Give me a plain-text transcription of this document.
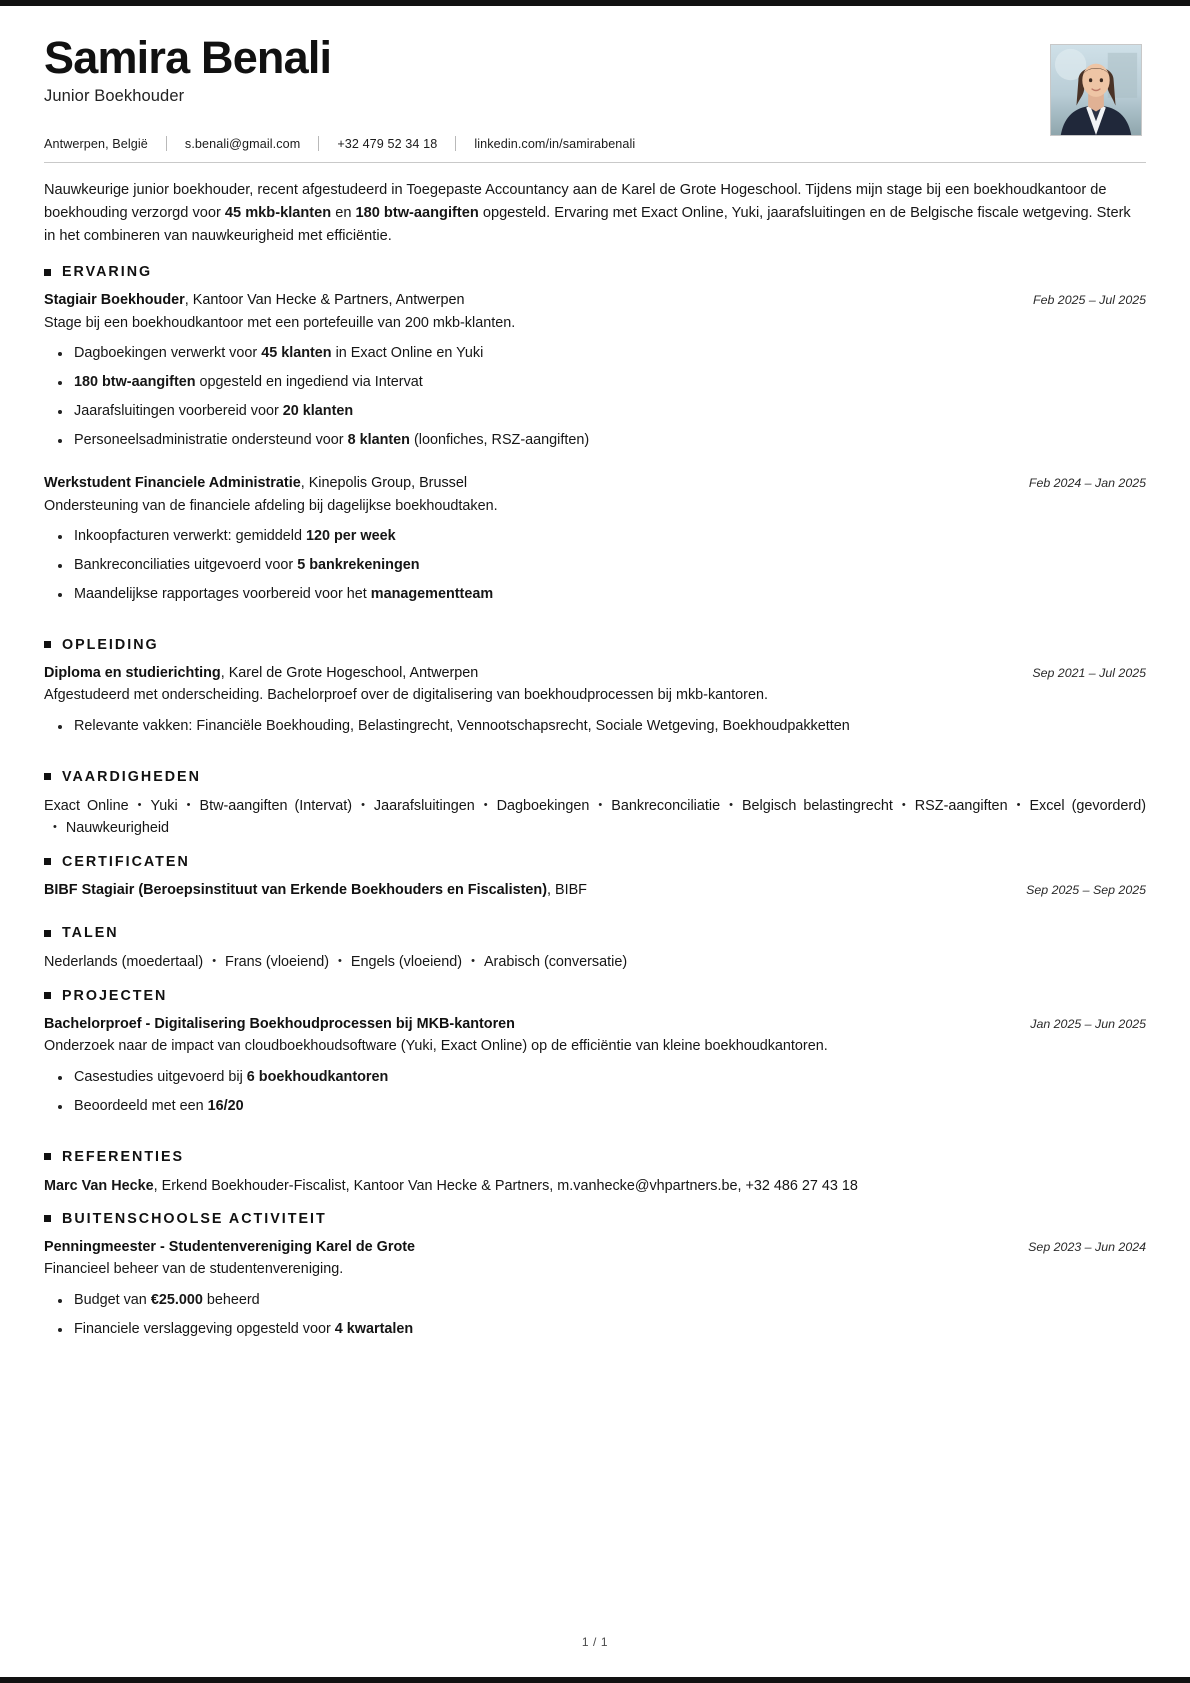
Samira Benali
Junior Boekhouder
Antwerpen, België	s.benali@gmail.com	+32 479 52 34 18	linkedin.com/in/samirabenali
Nauwkeurige junior boekhouder, recent afgestudeerd in Toegepaste Accountancy aan de Karel de Grote Hogeschool. Tijdens mijn stage bij een boekhoudkantoor de boekhouding verzorgd voor 45 mkb-klanten en 180 btw-aangiften opgesteld. Ervaring met Exact Online, Yuki, jaarafsluitingen en de Belgische fiscale wetgeving. Sterk in het combineren van nauwkeurigheid met efficiëntie.
ERVARING
Stagiair Boekhouder, Kantoor Van Hecke & Partners, Antwerpen	Feb 2025 – Jul 2025
Stage bij een boekhoudkantoor met een portefeuille van 200 mkb-klanten.
Dagboekingen verwerkt voor 45 klanten in Exact Online en Yuki
180 btw-aangiften opgesteld en ingediend via Intervat
Jaarafsluitingen voorbereid voor 20 klanten
Personeelsadministratie ondersteund voor 8 klanten (loonfiches, RSZ-aangiften)
Werkstudent Financiele Administratie, Kinepolis Group, Brussel	Feb 2024 – Jan 2025
Ondersteuning van de financiele afdeling bij dagelijkse boekhoudtaken.
Inkoopfacturen verwerkt: gemiddeld 120 per week
Bankreconciliaties uitgevoerd voor 5 bankrekeningen
Maandelijkse rapportages voorbereid voor het managementteam
OPLEIDING
Diploma en studierichting, Karel de Grote Hogeschool, Antwerpen	Sep 2021 – Jul 2025
Afgestudeerd met onderscheiding. Bachelorproef over de digitalisering van boekhoudprocessen bij mkb-kantoren.
Relevante vakken: Financiële Boekhouding, Belastingrecht, Vennootschapsrecht, Sociale Wetgeving, Boekhoudpakketten
VAARDIGHEDEN
Exact Online • Yuki • Btw-aangiften (Intervat) • Jaarafsluitingen • Dagboekingen • Bankreconciliatie • Belgisch belastingrecht • RSZ-aangiften • Excel (gevorderd)• Nauwkeurigheid
CERTIFICATEN
BIBF Stagiair (Beroepsinstituut van Erkende Boekhouders en Fiscalisten), BIBF	Sep 2025 – Sep 2025
TALEN
Nederlands (moedertaal) • Frans (vloeiend) • Engels (vloeiend) • Arabisch (conversatie)
PROJECTEN
Bachelorproef - Digitalisering Boekhoudprocessen bij MKB-kantoren	Jan 2025 – Jun 2025
Onderzoek naar de impact van cloudboekhoudsoftware (Yuki, Exact Online) op de efficiëntie van kleine boekhoudkantoren.
Casestudies uitgevoerd bij 6 boekhoudkantoren
Beoordeeld met een 16/20
REFERENTIES
Marc Van Hecke, Erkend Boekhouder-Fiscalist, Kantoor Van Hecke & Partners, m.vanhecke@vhpartners.be, +32 486 27 43 18
BUITENSCHOOLSE ACTIVITEIT
Penningmeester - Studentenvereniging Karel de Grote	Sep 2023 – Jun 2024
Financieel beheer van de studentenvereniging.
Budget van €25.000 beheerd
Financiele verslaggeving opgesteld voor 4 kwartalen
1 / 1
